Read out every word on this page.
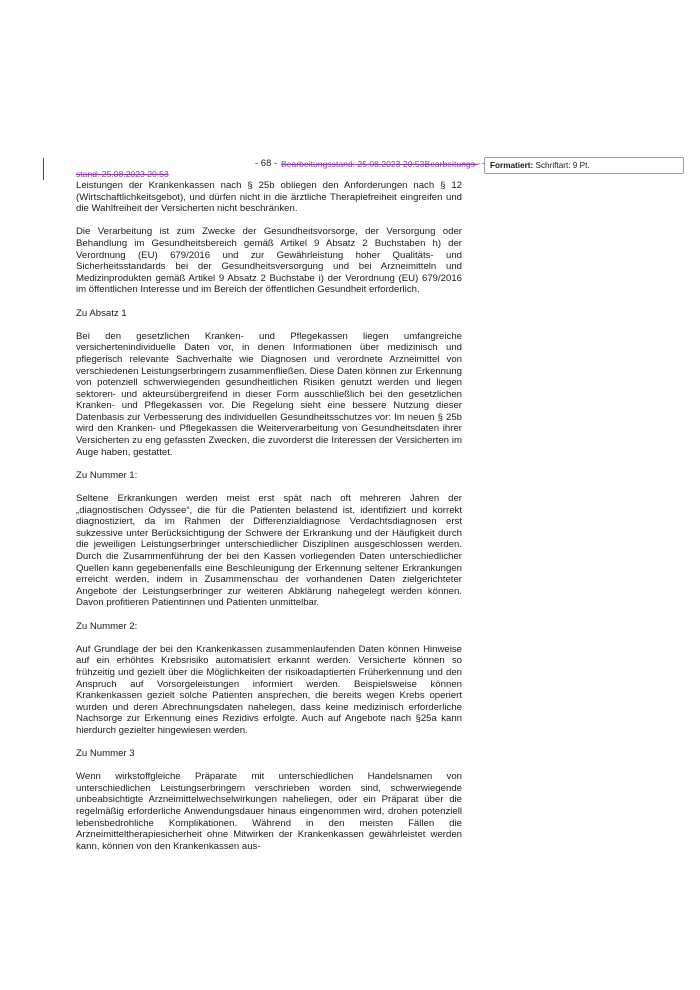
- 68 - Bearbeitungsstand: 25.08.2023 20:53Bearbeitungs-
stand: 25.08.2023 20:53
Formatiert: Schriftart: 9 Pt.

Leistungen der Krankenkassen nach § 25b obliegen den Anforderungen nach § 12 (Wirtschaftlichkeitsgebot), und dürfen nicht in die ärztliche Therapiefreiheit eingreifen und die Wahlfreiheit der Versicherten nicht beschränken.

Die Verarbeitung ist zum Zwecke der Gesundheitsvorsorge, der Versorgung oder Behandlung im Gesundheitsbereich gemäß Artikel 9 Absatz 2 Buchstaben h) der Verordnung (EU) 679/2016 und zur Gewährleistung hoher Qualitäts- und Sicherheitsstandards bei der Gesundheitsversorgung und bei Arzneimitteln und Medizinprodukten gemäß Artikel 9 Absatz 2 Buchstabe i) der Verordnung (EU) 679/2016 im öffentlichen Interesse und im Bereich der öffentlichen Gesundheit erforderlich.

Zu Absatz 1

Bei den gesetzlichen Kranken- und Pflegekassen liegen umfangreiche versichertenindividuelle Daten vor, in denen Informationen über medizinisch und pflegerisch relevante Sachverhalte wie Diagnosen und verordnete Arzneimittel von verschiedenen Leistungserbringern zusammenfließen. Diese Daten können zur Erkennung von potenziell schwerwiegenden gesundheitlichen Risiken genutzt werden und liegen sektoren- und akteursübergreifend in dieser Form ausschließlich bei den gesetzlichen Kranken- und Pflegekassen vor. Die Regelung sieht eine bessere Nutzung dieser Datenbasis zur Verbesserung des individuellen Gesundheitsschutzes vor: Im neuen § 25b wird den Kranken- und Pflegekassen die Weiterverarbeitung von Gesundheitsdaten ihrer Versicherten zu eng gefassten Zwecken, die zuvorderst die Interessen der Versicherten im Auge haben, gestattet.

Zu Nummer 1:

Seltene Erkrankungen werden meist erst spät nach oft mehreren Jahren der „diagnostischen Odyssee“, die für die Patienten belastend ist, identifiziert und korrekt diagnostiziert, da im Rahmen der Differenzialdiagnose Verdachtsdiagnosen erst sukzessive unter Berücksichtigung der Schwere der Erkrankung und der Häufigkeit durch die jeweiligen Leistungserbringer unterschiedlicher Disziplinen ausgeschlossen werden. Durch die Zusammenführung der bei den Kassen vorliegenden Daten unterschiedlicher Quellen kann gegebenenfalls eine Beschleunigung der Erkennung seltener Erkrankungen erreicht werden, indem in Zusammenschau der vorhandenen Daten zielgerichteter Angebote der Leistungserbringer zur weiteren Abklärung nahegelegt werden können. Davon profitieren Patientinnen und Patienten unmittelbar.

Zu Nummer 2:

Auf Grundlage der bei den Krankenkassen zusammenlaufenden Daten können Hinweise auf ein erhöhtes Krebsrisiko automatisiert erkannt werden. Versicherte können so frühzeitig und gezielt über die Möglichkeiten der risikoadaptierten Früherkennung und den Anspruch auf Vorsorgeleistungen informiert werden. Beispielsweise können Krankenkassen gezielt solche Patienten ansprechen, die bereits wegen Krebs operiert wurden und deren Abrechnungsdaten nahelegen, dass keine medizinisch erforderliche Nachsorge zur Erkennung eines Rezidivs erfolgte. Auch auf Angebote nach §25a kann hierdurch gezielter hingewiesen werden.

Zu Nummer 3

Wenn wirkstoffgleiche Präparate mit unterschiedlichen Handelsnamen von unterschiedlichen Leistungserbringern verschrieben worden sind, schwerwiegende unbeabsichtigte Arzneimittelwechselwirkungen naheliegen, oder ein Präparat über die regelmäßig erforderliche Anwendungsdauer hinaus eingenommen wird, drohen potenziell lebensbedrohliche Komplikationen. Während in den meisten Fällen die Arzneimitteltherapiesicherheit ohne Mitwirken der Krankenkassen gewährleistet werden kann, können von den Krankenkassen aus-
